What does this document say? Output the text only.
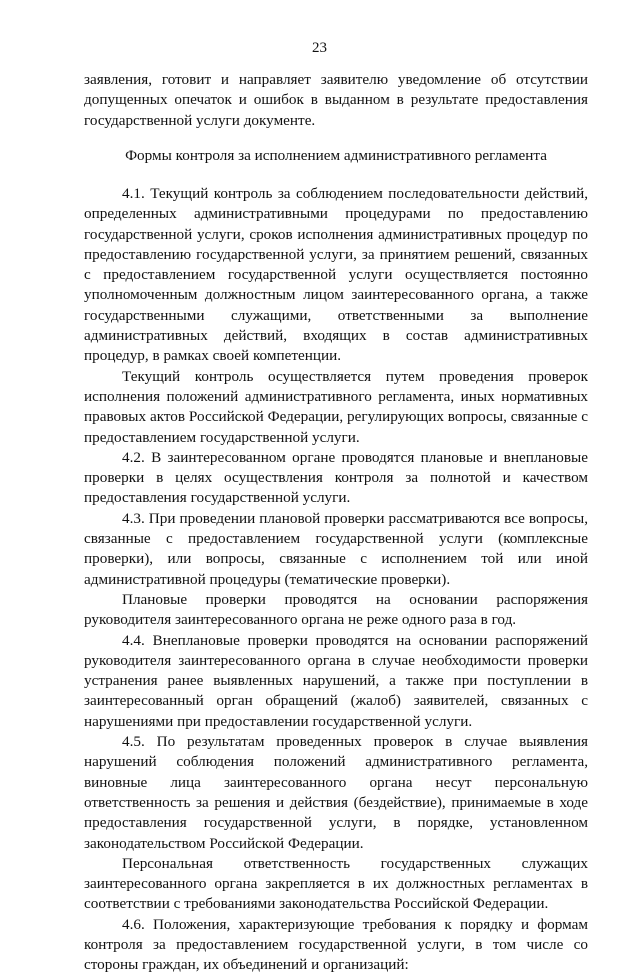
23

заявления, готовит и направляет заявителю уведомление об отсутствии допущенных опечаток и ошибок в выданном в результате предоставления государственной услуги документе.

Формы контроля за исполнением административного регламента

4.1. Текущий контроль за соблюдением последовательности действий, определенных административными процедурами по предоставлению государственной услуги, сроков исполнения административных процедур по предоставлению государственной услуги, за принятием решений, связанных с предоставлением государственной услуги осуществляется постоянно уполномоченным должностным лицом заинтересованного органа, а также государственными служащими, ответственными за выполнение административных действий, входящих в состав административных процедур, в рамках своей компетенции.

Текущий контроль осуществляется путем проведения проверок исполнения положений административного регламента, иных нормативных правовых актов Российской Федерации, регулирующих вопросы, связанные с предоставлением государственной услуги.

4.2. В заинтересованном органе проводятся плановые и внеплановые проверки в целях осуществления контроля за полнотой и качеством предоставления государственной услуги.

4.3. При проведении плановой проверки рассматриваются все вопросы, связанные с предоставлением государственной услуги (комплексные проверки), или вопросы, связанные с исполнением той или иной административной процедуры (тематические проверки).

Плановые проверки проводятся на основании распоряжения руководителя заинтересованного органа не реже одного раза в год.

4.4. Внеплановые проверки проводятся на основании распоряжений руководителя заинтересованного органа в случае необходимости проверки устранения ранее выявленных нарушений, а также при поступлении в заинтересованный орган обращений (жалоб) заявителей, связанных с нарушениями при предоставлении государственной услуги.

4.5. По результатам проведенных проверок в случае выявления нарушений соблюдения положений административного регламента, виновные лица заинтересованного органа несут персональную ответственность за решения и действия (бездействие), принимаемые в ходе предоставления государственной услуги, в порядке, установленном законодательством Российской Федерации.

Персональная ответственность государственных служащих заинтересованного органа закрепляется в их должностных регламентах в соответствии с требованиями законодательства Российской Федерации.

4.6. Положения, характеризующие требования к порядку и формам контроля за предоставлением государственной услуги, в том числе со стороны граждан, их объединений и организаций:
